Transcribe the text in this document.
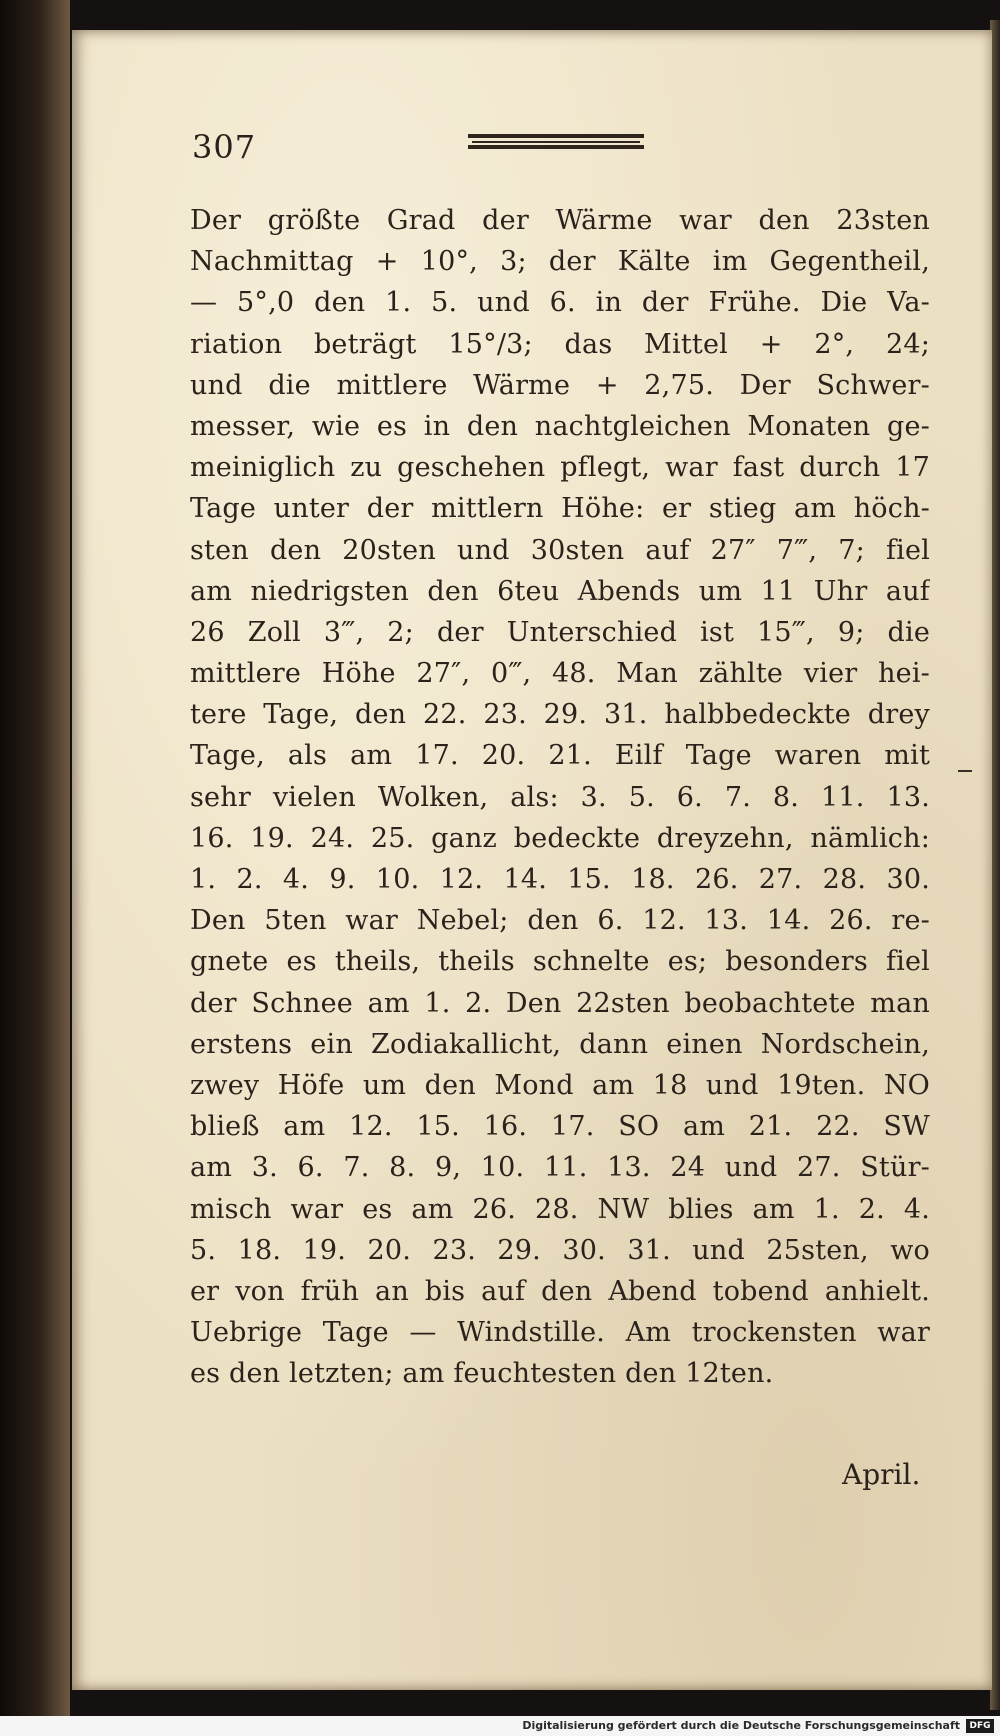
307
Der größte Grad der Wärme war den 23sten
Nachmittag + 10°, 3; der Kälte im Gegentheil,
— 5°,0 den 1. 5. und 6. in der Frühe. Die Va-
riation beträgt 15°/3; das Mittel + 2°, 24;
und die mittlere Wärme + 2,75. Der Schwer-
messer, wie es in den nachtgleichen Monaten ge-
meiniglich zu geschehen pflegt, war fast durch 17
Tage unter der mittlern Höhe: er stieg am höch-
sten den 20sten und 30sten auf 27″ 7‴, 7; fiel
am niedrigsten den 6teu Abends um 11 Uhr auf
26 Zoll 3‴, 2; der Unterschied ist 15‴, 9; die
mittlere Höhe 27″, 0‴, 48. Man zählte vier hei-
tere Tage, den 22. 23. 29. 31. halbbedeckte drey
Tage, als am 17. 20. 21. Eilf Tage waren mit
sehr vielen Wolken, als: 3. 5. 6. 7. 8. 11. 13.
16. 19. 24. 25. ganz bedeckte dreyzehn, nämlich:
1. 2. 4. 9. 10. 12. 14. 15. 18. 26. 27. 28. 30.
Den 5ten war Nebel; den 6. 12. 13. 14. 26. re-
gnete es theils, theils schnelte es; besonders fiel
der Schnee am 1. 2. Den 22sten beobachtete man
erstens ein Zodiakallicht, dann einen Nordschein,
zwey Höfe um den Mond am 18 und 19ten. NO
bließ am 12. 15. 16. 17. SO am 21. 22. SW
am 3. 6. 7. 8. 9, 10. 11. 13. 24 und 27. Stür-
misch war es am 26. 28. NW blies am 1. 2. 4.
5. 18. 19. 20. 23. 29. 30. 31. und 25sten, wo
er von früh an bis auf den Abend tobend anhielt.
Uebrige Tage — Windstille. Am trockensten war
es den letzten; am feuchtesten den 12ten.
April.
Digitalisierung gefördert durch die Deutsche Forschungsgemeinschaft	DFG
